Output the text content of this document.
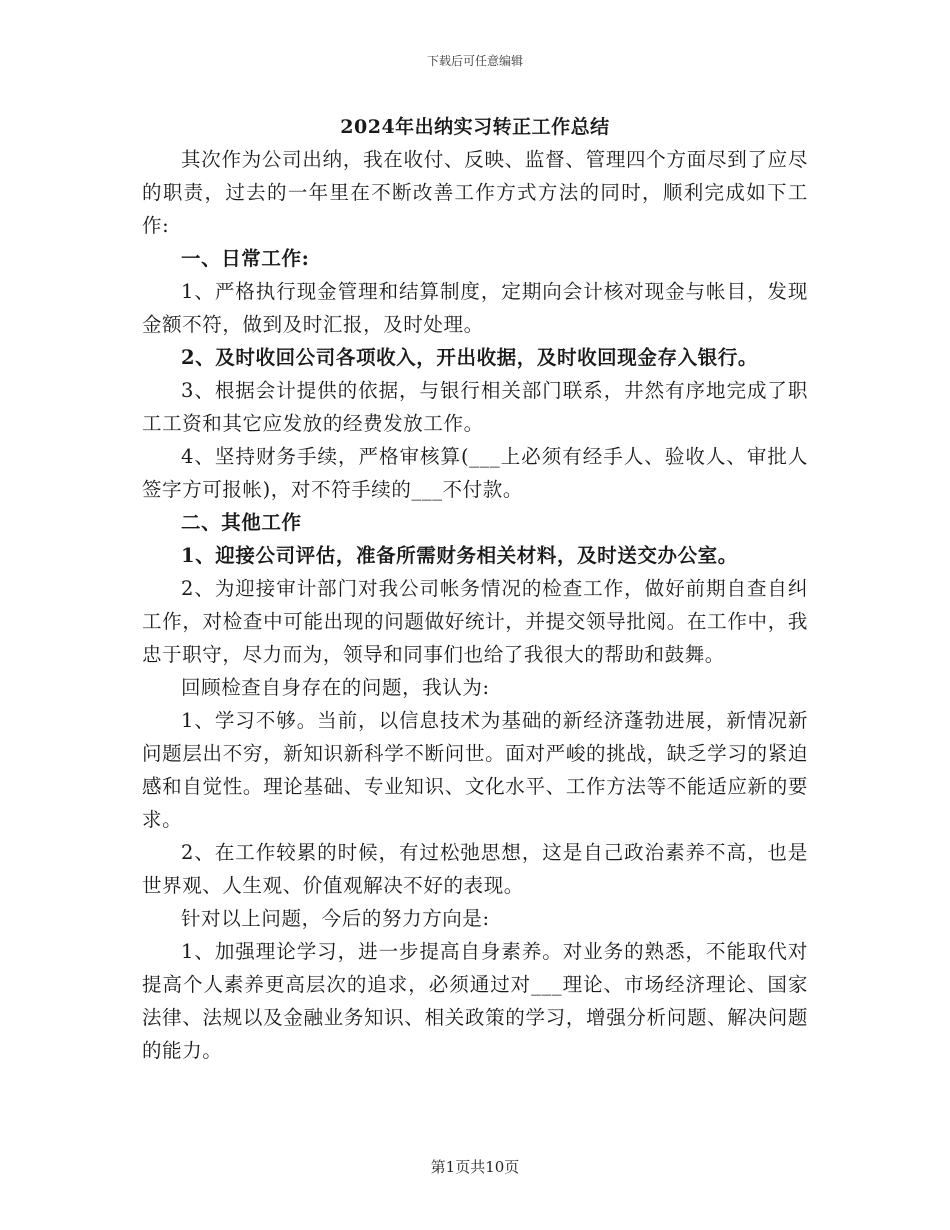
下载后可任意编辑
2024年出纳实习转正工作总结

其次作为公司出纳，我在收付、反映、监督、管理四个方面尽到了应尽的职责，过去的一年里在不断改善工作方式方法的同时，顺利完成如下工作:

一、日常工作:

1、严格执行现金管理和结算制度，定期向会计核对现金与帐目，发现金额不符，做到及时汇报，及时处理。

2、及时收回公司各项收入，开出收据，及时收回现金存入银行。

3、根据会计提供的依据，与银行相关部门联系，井然有序地完成了职工工资和其它应发放的经费发放工作。

4、坚持财务手续，严格审核算(___上必须有经手人、验收人、审批人签字方可报帐)，对不符手续的___不付款。

二、其他工作

1、迎接公司评估，准备所需财务相关材料，及时送交办公室。

2、为迎接审计部门对我公司帐务情况的检查工作，做好前期自查自纠工作，对检查中可能出现的问题做好统计，并提交领导批阅。在工作中，我忠于职守，尽力而为，领导和同事们也给了我很大的帮助和鼓舞。

回顾检查自身存在的问题，我认为:

1、学习不够。当前，以信息技术为基础的新经济蓬勃进展，新情况新问题层出不穷，新知识新科学不断问世。面对严峻的挑战，缺乏学习的紧迫感和自觉性。理论基础、专业知识、文化水平、工作方法等不能适应新的要求。

2、在工作较累的时候，有过松弛思想，这是自己政治素养不高，也是世界观、人生观、价值观解决不好的表现。

针对以上问题，今后的努力方向是:

1、加强理论学习，进一步提高自身素养。对业务的熟悉，不能取代对提高个人素养更高层次的追求，必须通过对___理论、市场经济理论、国家法律、法规以及金融业务知识、相关政策的学习，增强分析问题、解决问题的能力。

第1页共10页
